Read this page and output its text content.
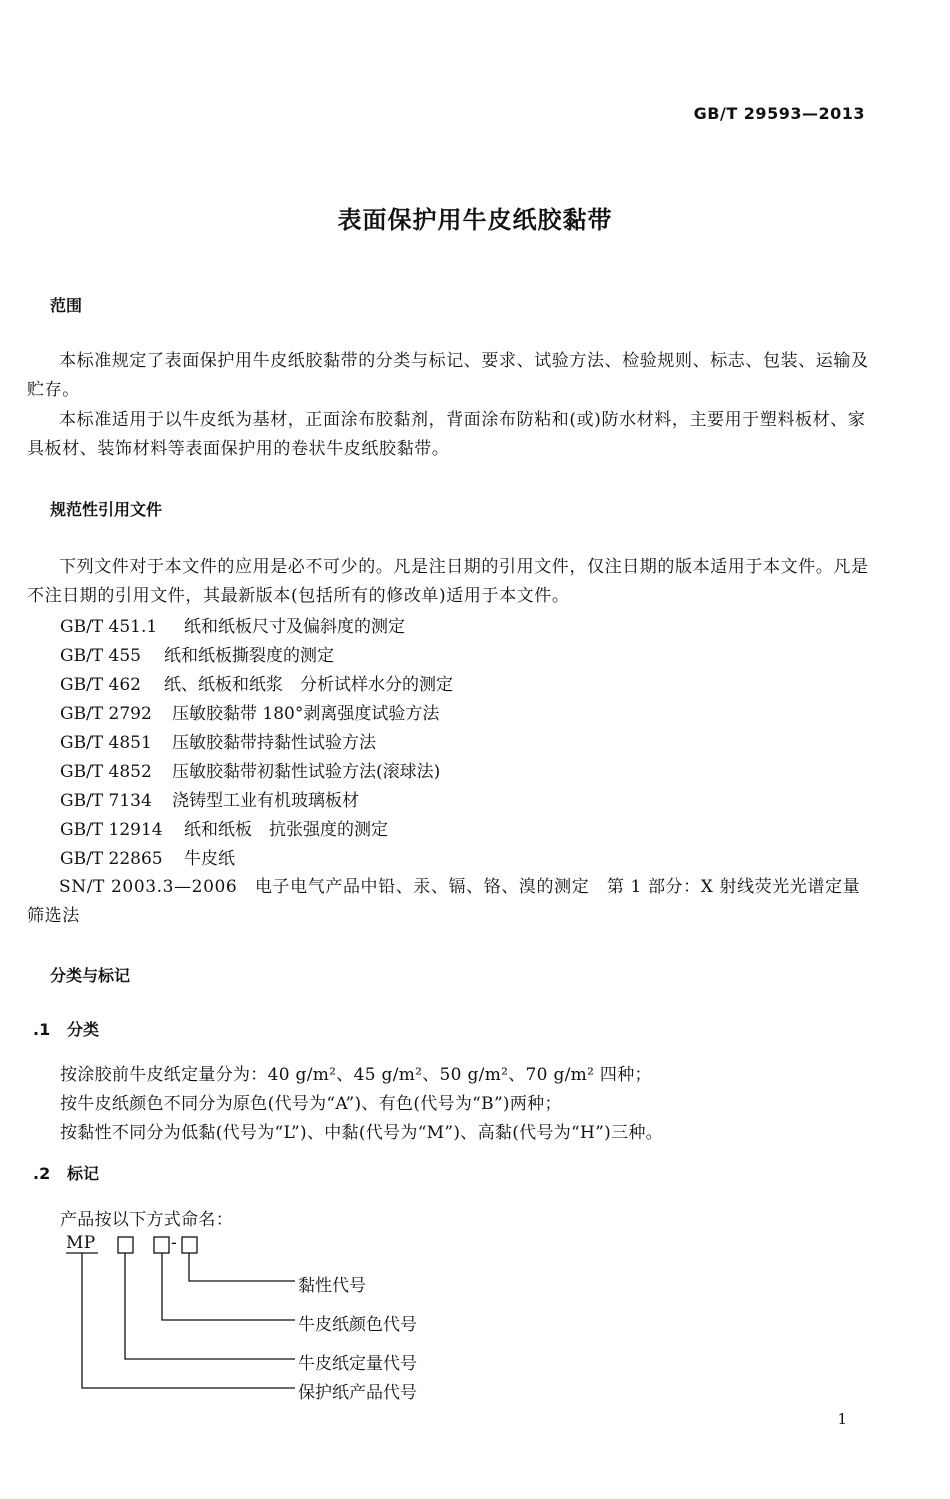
GB/T 29593—2013
表面保护用牛皮纸胶黏带
范围
本标准规定了表面保护用牛皮纸胶黏带的分类与标记、要求、试验方法、检验规则、标志、包装、运输及贮存。
本标准适用于以牛皮纸为基材，正面涂布胶黏剂，背面涂布防粘和(或)防水材料，主要用于塑料板材、家具板材、装饰材料等表面保护用的卷状牛皮纸胶黏带。
规范性引用文件
下列文件对于本文件的应用是必不可少的。凡是注日期的引用文件，仅注日期的版本适用于本文件。凡是不注日期的引用文件，其最新版本(包括所有的修改单)适用于本文件。
GB/T 451.1 纸和纸板尺寸及偏斜度的测定
GB/T 455 纸和纸板撕裂度的测定
GB/T 462 纸、纸板和纸浆　分析试样水分的测定
GB/T 2792 压敏胶黏带 180°剥离强度试验方法
GB/T 4851 压敏胶黏带持黏性试验方法
GB/T 4852 压敏胶黏带初黏性试验方法(滚球法)
GB/T 7134 浇铸型工业有机玻璃板材
GB/T 12914 纸和纸板　抗张强度的测定
GB/T 22865 牛皮纸
SN/T 2003.3—2006　电子电气产品中铅、汞、镉、铬、溴的测定　第 1 部分：X 射线荧光光谱定量筛选法
分类与标记
.1 分类
按涂胶前牛皮纸定量分为：40 g/m²、45 g/m²、50 g/m²、70 g/m² 四种；
按牛皮纸颜色不同分为原色(代号为“A”)、有色(代号为“B”)两种；
按黏性不同分为低黏(代号为“L”)、中黏(代号为“M”)、高黏(代号为“H”)三种。
.2 标记
产品按以下方式命名：
MP	-
黏性代号
牛皮纸颜色代号
牛皮纸定量代号
保护纸产品代号
1
